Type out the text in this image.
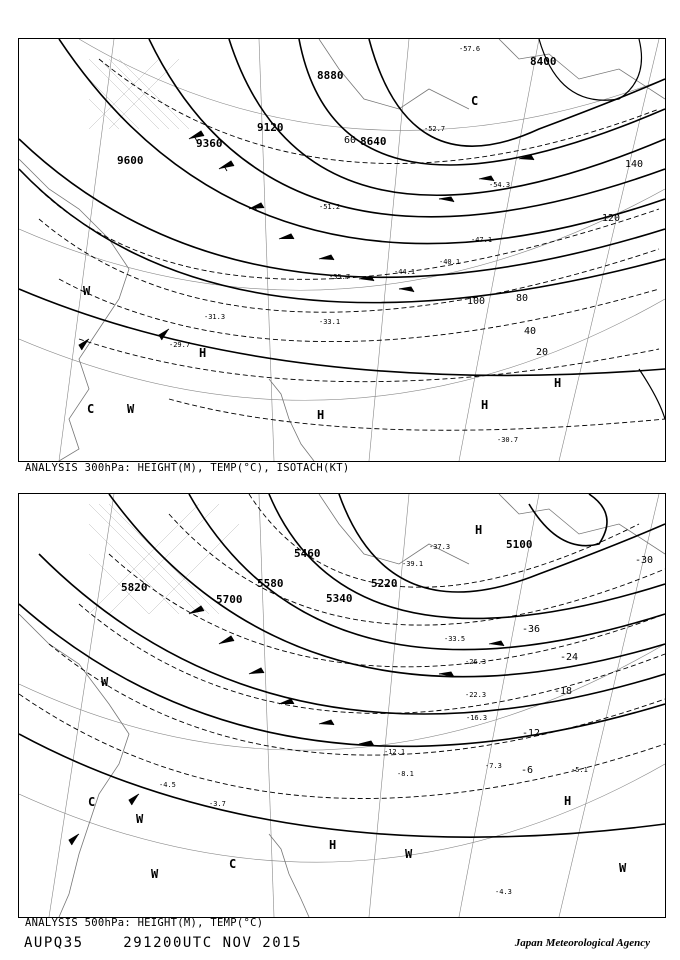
9600
9360
9120
8880
8640
8400
20
40
60
80
100
120
140
H
H
H
H
C
C
W
W
-29.7
-31.3
-33.1
-35.7
-40.1
-44.1
-47.1
-51.2
-54.3
-57.6
-52.7
-30.7
ANALYSIS 300hPa: HEIGHT(M), TEMP(°C), ISOTACH(KT)
5820
5700
5580
5460
5340
5220
5100
-6
-12
-18
-24
-30
-36
H
H
H
C
C
W
W
W
W
W
-4.3
-3.7
-4.5
-5.1
-8.1
-7.3
-12.1
-16.3
-22.3
-26.3
-33.5
-37.3
-39.1
ANALYSIS 500hPa: HEIGHT(M), TEMP(°C)
AUPQ35	291200UTC NOV 2015	Japan Meteorological Agency
